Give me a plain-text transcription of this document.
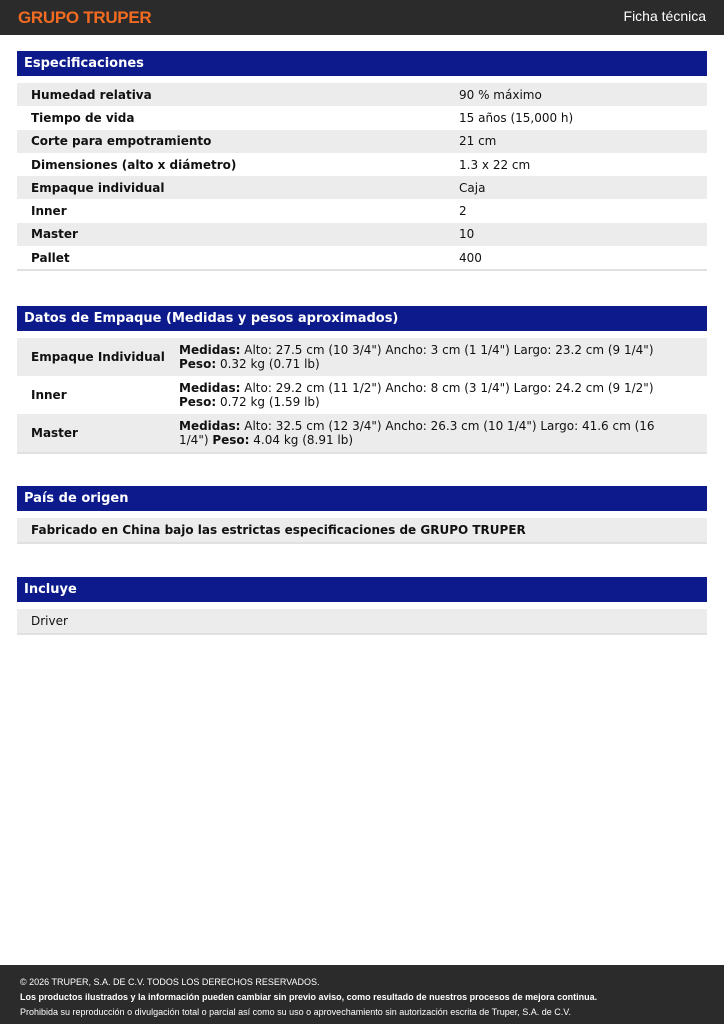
GRUPO TRUPER	Ficha técnica
Especificaciones
Humedad relativa	90 % máximo
Tiempo de vida	15 años (15,000 h)
Corte para empotramiento	21 cm
Dimensiones (alto x diámetro)	1.3 x 22 cm
Empaque individual	Caja
Inner	2
Master	10
Pallet	400
Datos de Empaque (Medidas y pesos aproximados)
Empaque Individual	Medidas: Alto: 27.5 cm (10 3/4") Ancho: 3 cm (1 1/4") Largo: 23.2 cm (9 1/4") Peso: 0.32 kg (0.71 lb)
Inner	Medidas: Alto: 29.2 cm (11 1/2") Ancho: 8 cm (3 1/4") Largo: 24.2 cm (9 1/2") Peso: 0.72 kg (1.59 lb)
Master	Medidas: Alto: 32.5 cm (12 3/4") Ancho: 26.3 cm (10 1/4") Largo: 41.6 cm (16 1/4") Peso: 4.04 kg (8.91 lb)
País de origen
Fabricado en China bajo las estrictas especificaciones de GRUPO TRUPER
Incluye
Driver
© 2026 TRUPER, S.A. DE C.V. TODOS LOS DERECHOS RESERVADOS.
Los productos ilustrados y la información pueden cambiar sin previo aviso, como resultado de nuestros procesos de mejora continua.
Prohibida su reproducción o divulgación total o parcial así como su uso o aprovechamiento sin autorización escrita de Truper, S.A. de C.V.
